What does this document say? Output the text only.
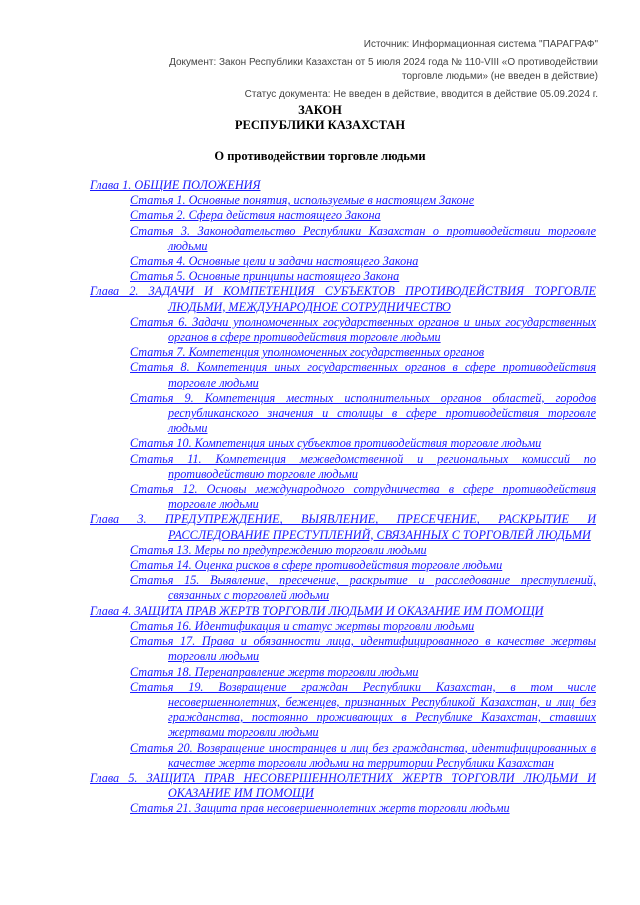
Источник: Информационная система "ПАРАГРАФ"
Документ: Закон Республики Казахстан от 5 июля 2024 года № 110-VIII «О противодействии торговле людьми» (не введен в действие)
Статус документа: Не введен в действие, вводится в действие 05.09.2024 г.
ЗАКОН
РЕСПУБЛИКИ КАЗАХСТАН
О противодействии торговле людьми
Глава 1. ОБЩИЕ ПОЛОЖЕНИЯ
Статья 1. Основные понятия, используемые в настоящем Законе
Статья 2. Сфера действия настоящего Закона
Статья 3. Законодательство Республики Казахстан о противодействии торговле людьми
Статья 4. Основные цели и задачи настоящего Закона
Статья 5. Основные принципы настоящего Закона
Глава 2. ЗАДАЧИ И КОМПЕТЕНЦИЯ СУБЪЕКТОВ ПРОТИВОДЕЙСТВИЯ ТОРГОВЛЕ ЛЮДЬМИ, МЕЖДУНАРОДНОЕ СОТРУДНИЧЕСТВО
Статья 6. Задачи уполномоченных государственных органов и иных государственных органов в сфере противодействия торговле людьми
Статья 7. Компетенция уполномоченных государственных органов
Статья 8. Компетенция иных государственных органов в сфере противодействия торговле людьми
Статья 9. Компетенция местных исполнительных органов областей, городов республиканского значения и столицы в сфере противодействия торговле людьми
Статья 10. Компетенция иных субъектов противодействия торговле людьми
Статья 11. Компетенция межведомственной и региональных комиссий по противодействию торговле людьми
Статья 12. Основы международного сотрудничества в сфере противодействия торговле людьми
Глава 3. ПРЕДУПРЕЖДЕНИЕ, ВЫЯВЛЕНИЕ, ПРЕСЕЧЕНИЕ, РАСКРЫТИЕ И РАССЛЕДОВАНИЕ ПРЕСТУПЛЕНИЙ, СВЯЗАННЫХ С ТОРГОВЛЕЙ ЛЮДЬМИ
Статья 13. Меры по предупреждению торговли людьми
Статья 14. Оценка рисков в сфере противодействия торговле людьми
Статья 15. Выявление, пресечение, раскрытие и расследование преступлений, связанных с торговлей людьми
Глава 4. ЗАЩИТА ПРАВ ЖЕРТВ ТОРГОВЛИ ЛЮДЬМИ И ОКАЗАНИЕ ИМ ПОМОЩИ
Статья 16. Идентификация и статус жертвы торговли людьми
Статья 17. Права и обязанности лица, идентифицированного в качестве жертвы торговли людьми
Статья 18. Перенаправление жертв торговли людьми
Статья 19. Возвращение граждан Республики Казахстан, в том числе несовершеннолетних, беженцев, признанных Республикой Казахстан, и лиц без гражданства, постоянно проживающих в Республике Казахстан, ставших жертвами торговли людьми
Статья 20. Возвращение иностранцев и лиц без гражданства, идентифицированных в качестве жертв торговли людьми на территории Республики Казахстан
Глава 5. ЗАЩИТА ПРАВ НЕСОВЕРШЕННОЛЕТНИХ ЖЕРТВ ТОРГОВЛИ ЛЮДЬМИ И ОКАЗАНИЕ ИМ ПОМОЩИ
Статья 21. Защита прав несовершеннолетних жертв торговли людьми
